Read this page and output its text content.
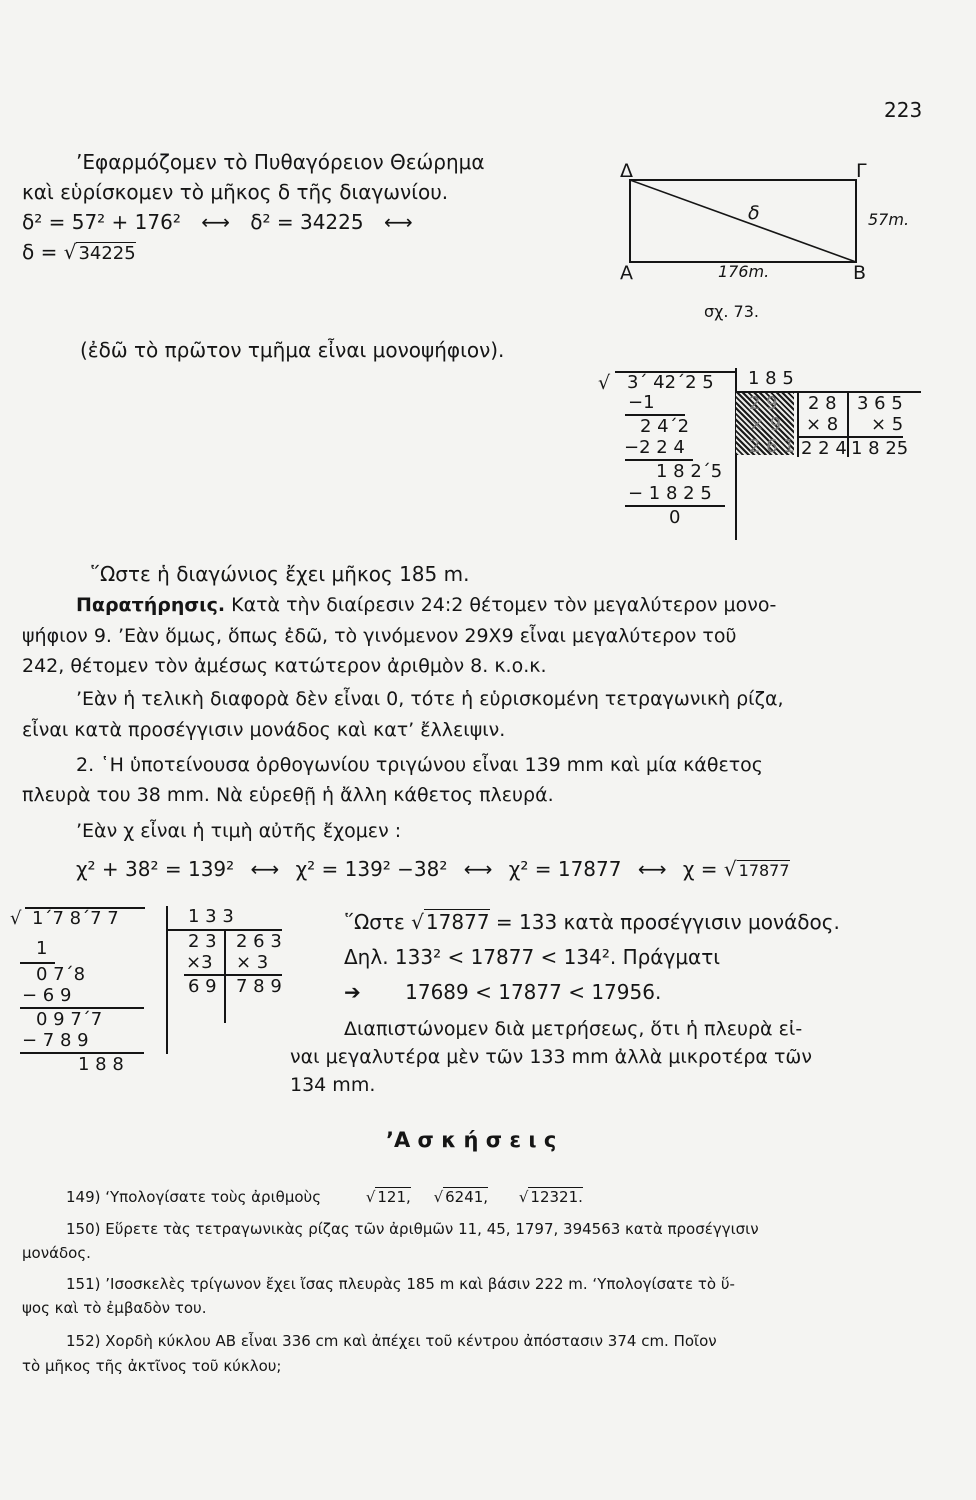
223
’Εφαρμόζομεν τὸ Πυθαγόρειον Θεώρημα
καὶ εὑρίσκομεν τὸ μῆκος δ τῆς διαγωνίου.
δ² = 57² + 176² ⟷ δ² = 34225 ⟷
δ = √ 34225
(ἐδῶ τὸ πρῶτον τμῆμα εἶναι μονοψήφιον).
Δ	Γ
Α	Β
δ	57m.
176m.
σχ. 73.
√ 3΄ 42΄2 5
−1
2 4΄2
−2 2 4
1 8 2΄5
− 1 8 2 5
0
1 8 5
2 9
× 9
2 6 1
2 8
× 8
2 2 4
3 6 5
× 5
1 8 25
῞Ωστε ἡ διαγώνιος ἔχει μῆκος 185 m.
Παρατήρησις. Κατὰ τὴν διαίρεσιν 24:2 θέτομεν τὸν μεγαλύτερον μονο-
ψήφιον 9. ’Εὰν ὅμως, ὅπως ἐδῶ, τὸ γινόμενον 29Χ9 εἶναι μεγαλύτερον τοῦ
242, θέτομεν τὸν ἀμέσως κατώτερον ἀριθμὸν 8. κ.ο.κ.
’Εὰν ἡ τελικὴ διαφορὰ δὲν εἶναι 0, τότε ἡ εὑρισκομένη τετραγωνικὴ ρίζα,
εἶναι κατὰ προσέγγισιν μονάδος καὶ κατ’ ἔλλειψιν.
2. ῾Η ὑποτείνουσα ὀρθογωνίου τριγώνου εἶναι 139 mm καὶ μία κάθετος
πλευρὰ του 38 mm. Νὰ εὑρεθῇ ἡ ἄλλη κάθετος πλευρά.
’Εὰν χ εἶναι ἡ τιμὴ αὐτῆς ἔχομεν :
χ² + 38² = 139² ⟷ χ² = 139² −38² ⟷ χ² = 17877 ⟷ χ = √ 17877
√ 1΄7 8΄7 7
1
0 7΄8
− 6 9
0 9 7΄7
− 7 8 9
1 8 8
1 3 3
2 3
×3
6 9
2 6 3
× 3
7 8 9
῞Ωστε √ 17877 = 133 κατὰ προσέγγισιν μονάδος.
Δηλ. 133² < 17877 < 134². Πράγματι
➔ 17689 < 17877 < 17956.
Διαπιστώνομεν διὰ μετρήσεως, ὅτι ἡ πλευρὰ εἰ-
ναι μεγαλυτέρα μὲν τῶν 133 mm ἀλλὰ μικροτέρα τῶν
134 mm.
’Α σ κ ή σ ε ι ς
149) ‘Υπολογίσατε τοὺς ἀριθμοὺς	√ 121, √ 6241, √ 12321.
150) Εὕρετε τὰς τετραγωνικὰς ρίζας τῶν ἀριθμῶν 11, 45, 1797, 394563 κατὰ προσέγγισιν
μονάδος.
151) ’Ισοσκελὲς τρίγωνον ἔχει ἴσας πλευρὰς 185 m καὶ βάσιν 222 m. ‘Υπολογίσατε τὸ ὕ-
ψος καὶ τὸ ἐμβαδὸν του.
152) Χορδὴ κύκλου ΑΒ εἶναι 336 cm καὶ ἀπέχει τοῦ κέντρου ἀπόστασιν 374 cm. Ποῖον
τὸ μῆκος τῆς ἀκτῖνος τοῦ κύκλου;
